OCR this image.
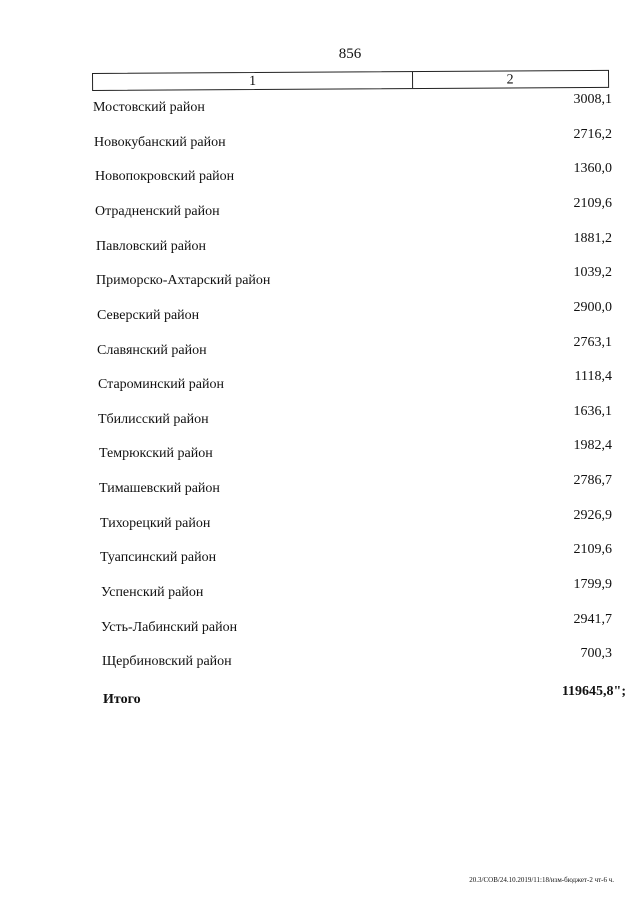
856
1	2
Мостовский район
3008,1
Новокубанский район
2716,2
Новопокровский район
1360,0
Отрадненский район
2109,6
Павловский район
1881,2
Приморско-Ахтарский район
1039,2
Северский район
2900,0
Славянский район
2763,1
Староминский район
1118,4
Тбилисский район
1636,1
Темрюкский район
1982,4
Тимашевский район
2786,7
Тихорецкий район
2926,9
Туапсинский район
2109,6
Успенский район
1799,9
Усть-Лабинский район
2941,7
Щербиновский район
700,3
Итого
119645,8";
20.3/СОВ/24.10.2019/11:18/изм-бюджет-2 чт-6 ч.
